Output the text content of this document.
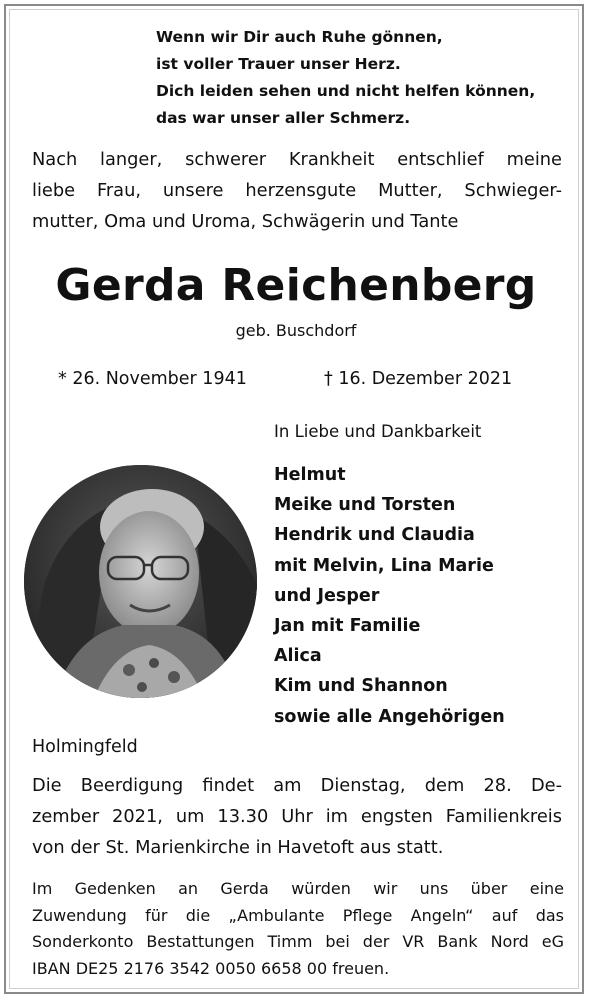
Wenn wir Dir auch Ruhe gönnen,
ist voller Trauer unser Herz.
Dich leiden sehen und nicht helfen können,
das war unser aller Schmerz.
Nach langer, schwerer Krankheit entschlief meine
liebe Frau, unsere herzensgute Mutter, Schwieger-
mutter, Oma und Uroma, Schwägerin und Tante
Gerda Reichenberg
geb. Buschdorf
* 26. November 1941	† 16. Dezember 2021
In Liebe und Dankbarkeit
Helmut
Meike und Torsten
Hendrik und Claudia
mit Melvin, Lina Marie
und Jesper
Jan mit Familie
Alica
Kim und Shannon
sowie alle Angehörigen
Holmingfeld
Die Beerdigung findet am Dienstag, dem 28. De-
zember 2021, um 13.30 Uhr im engsten Familienkreis
von der St. Marienkirche in Havetoft aus statt.
Im Gedenken an Gerda würden wir uns über eine
Zuwendung für die „Ambulante Pflege Angeln“ auf das
Sonderkonto Bestattungen Timm bei der VR Bank Nord eG
IBAN DE25 2176 3542 0050 6658 00 freuen.
